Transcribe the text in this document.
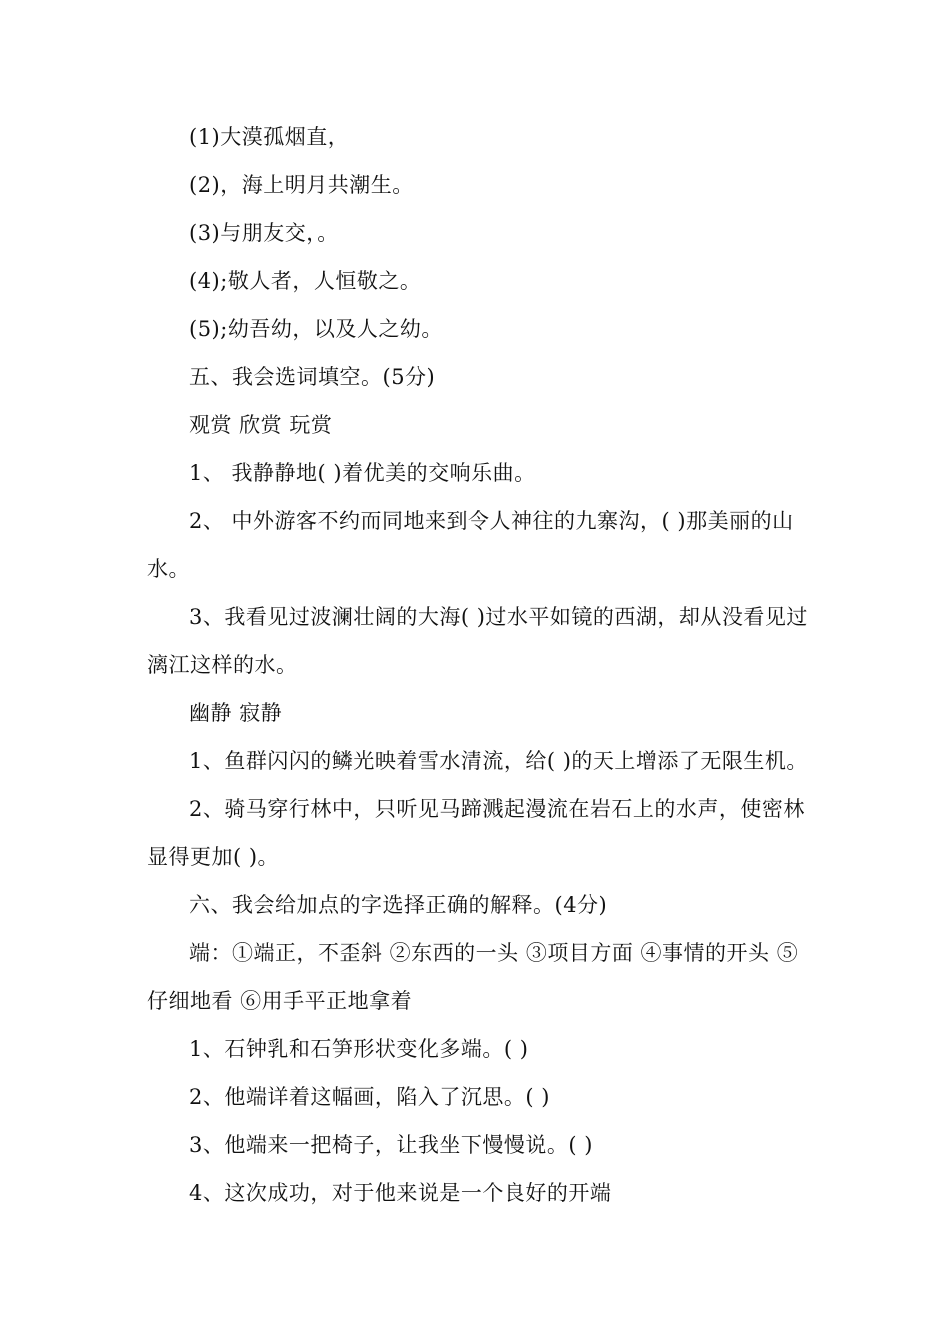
(1)大漠孤烟直，
(2)，海上明月共潮生。
(3)与朋友交，。
(4);敬人者，人恒敬之。
(5);幼吾幼，以及人之幼。
五、我会选词填空。(5分)
观赏 欣赏 玩赏
1、 我静静地( )着优美的交响乐曲。
2、 中外游客不约而同地来到令人神往的九寨沟，( )那美丽的山
水。
3、我看见过波澜壮阔的大海( )过水平如镜的西湖，却从没看见过
漓江这样的水。
幽静 寂静
1、鱼群闪闪的鳞光映着雪水清流，给( )的天上增添了无限生机。
2、骑马穿行林中，只听见马蹄溅起漫流在岩石上的水声，使密林
显得更加( )。
六、我会给加点的字选择正确的解释。(4分)
端：①端正，不歪斜 ②东西的一头 ③项目方面 ④事情的开头 ⑤
仔细地看 ⑥用手平正地拿着
1、石钟乳和石笋形状变化多端。( )
2、他端详着这幅画，陷入了沉思。( )
3、他端来一把椅子，让我坐下慢慢说。( )
4、这次成功，对于他来说是一个良好的开端
